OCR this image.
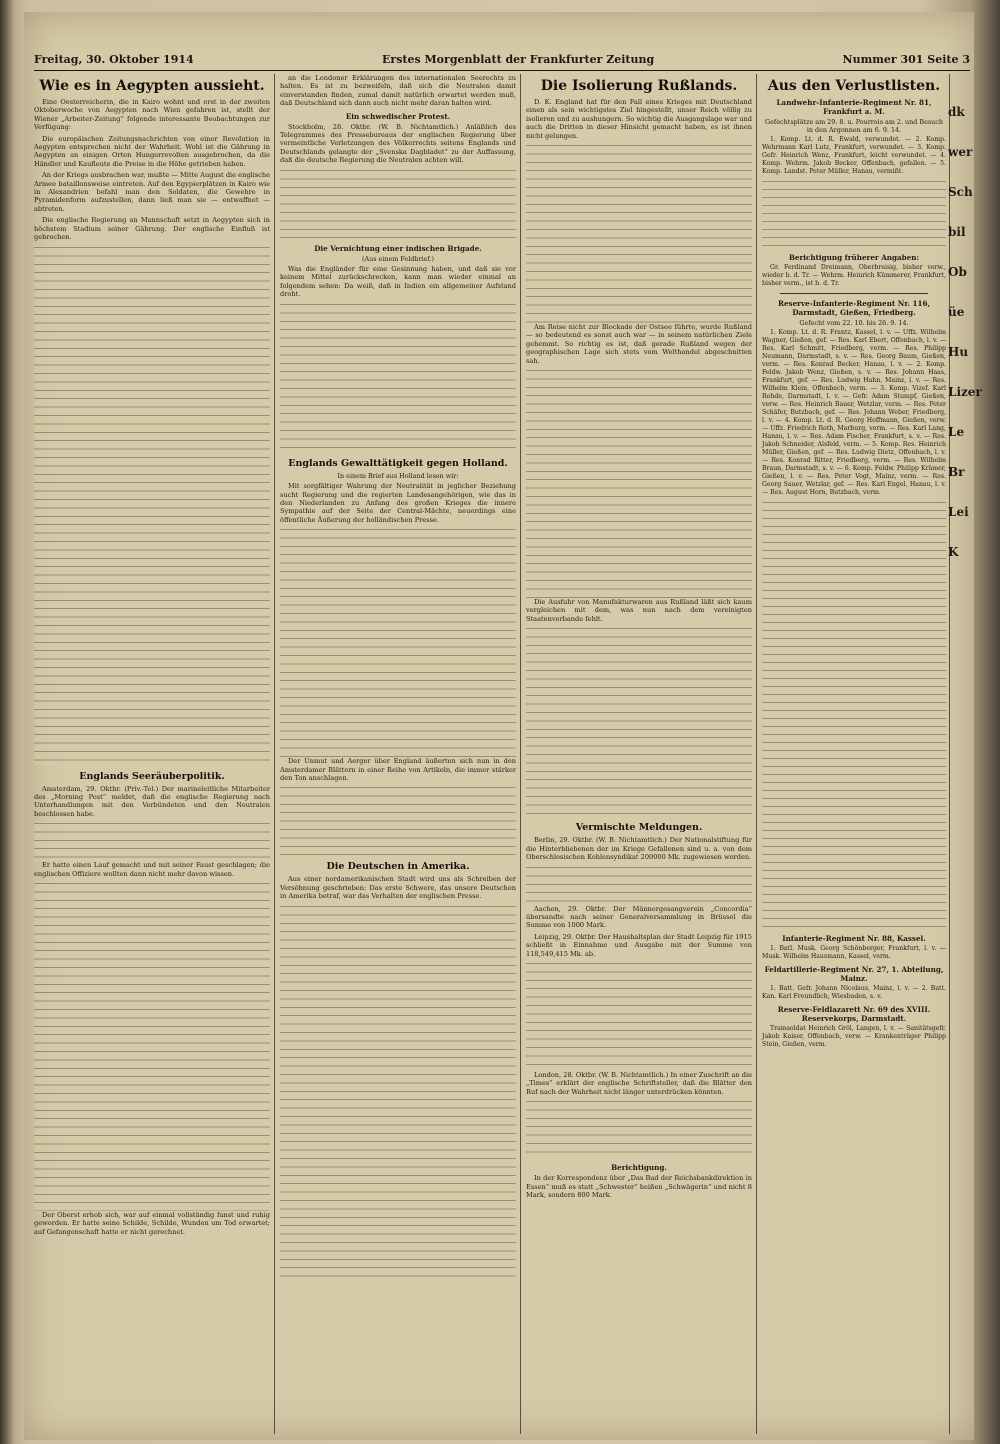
Freitag, 30. Oktober 1914	Erstes Morgenblatt der Frankfurter Zeitung	Nummer 301 Seite 3
Wie es in Aegypten aussieht.

Eine Oesterreicherin, die in Kairo wohnt und erst in der zweiten Oktoberwoche von Aegypten nach Wien gefahren ist, stellt der Wiener „Arbeiter-Zeitung“ folgende interessante Beobachtungen zur Verfügung:

Die europäischen Zeitungsnachrichten von einer Revolution in Aegypten entsprechen nicht der Wahrheit. Wohl ist die Gährung in Aegypten an einigen Orten Hungerrevolten ausgebrochen, da die Händler und Kaufleute die Preise in die Höhe getrieben haben.

An der Kriegs ausbrachen war, mußte — Mitte August die englische Armee bataillonsweise eintreten. Auf den Egypierplätzen in Kairo wie in Alexandrien befahl man den Soldaten, die Gewehre in Pyramidenform aufzustellen, dann ließ man sie — entwaffnet — abtreten.

Die englische Regierung an Mannschaft setzt in Aegypten sich in höchstem Stadium seiner Gährung. Der englische Einfluß ist gebrochen.

Englands Seeräuberpolitik.

Amsterdam, 29. Oktbr. (Priv.-Tel.) Der marineleitliche Mitarbeiter des „Morning Post“ meldet, daß die englische Regierung nach Unterhandlungen mit den Verbündeten und den Neutralen beschlossen habe.

Er hatte einen Lauf gemacht und mit seiner Faust geschlagen; die englischen Offiziere wollten dann nicht mehr davon wissen.

Der Oberst erhob sich, war auf einmal vollständig fanst und ruhig geworden. Er hatte seine Schilde, Schilde, Wunden um Tod erwartet; auf Gefangenschaft hatte er nicht gerechnet.

an die Londoner Erklärungen des internationalen Seerechts zu halten. Es ist zu bezweifeln, daß sich die Neutralen damit einverstanden finden, zumal damit natürlich erwartet werden muß, daß Deutschland sich dann auch nicht mehr daran halten wird.

Ein schwedischer Protest.

Stockholm, 28. Oktbr. (W. B. Nichtamtlich.) Anläßlich des Telegrammes des Pressebureaus der englischen Regierung über vermeintliche Verletzungen des Völkerrechts seitens Englands und Deutschlands gelangte der „Svenska Dagbladet“ zu der Auffassung, daß die deutsche Regierung die Neutralen achten will.

Die Vernichtung einer indischen Brigade.
(Aus einem Feldbrief.)

Was die Engländer für eine Gesinnung haben, und daß sie vor keinem Mittel zurückschrecken, kann man wieder einmal an folgendem sehen: Da weiß, daß in Indien ein allgemeiner Aufstand droht.

Englands Gewalttätigkeit gegen Holland.
In einem Brief aus Holland lesen wir:

Mit sorgfältiger Wahrung der Neutralität in jeglicher Beziehung sucht Regierung und die regierten Landesangehörigen, wie das in den Niederlanden zu Anfang des großen Krieges die innere Sympathie auf der Seite der Central-Mächte, neuerdings eine öffentliche Äußerung der holländischen Presse.

Der Unmut und Aerger über England äußerten sich nun in den Amsterdamer Blättern in einer Reihe von Artikeln, die immer stärker den Ton anschlagen.

Die Deutschen in Amerika.

Aus einer nordamerikanischen Stadt wird uns als Schreiben der Versöhnung geschrieben: Das erste Schwere, das unsere Deutschen in Amerika betraf, war das Verhalten der englischen Presse.

Die Isolierung Rußlands.

D. K. England hat für den Fall eines Krieges mit Deutschland einen als sein wichtigstes Ziel hingestellt, unser Reich völlig zu isolieren und zu aushungern. So wichtig die Ausgangslage war und auch die Dritten in dieser Hinsicht gemacht haben, es ist ihnen nicht gelungen.

Am Reise nicht zur Blockade der Ostsee führte, wurde Rußland — so bedeutend es sonst auch war — in seinem natürlichen Ziele gehemmt. So richtig es ist, daß gerade Rußland wegen der geographischen Lage sich stets vom Welthandel abgeschnitten sah.

Die Ausfuhr von Manufakturwaren aus Rußland läßt sich kaum vergleichen mit dem, was nun nach dem vereinigten Staatenverbande fehlt.

Vermischte Meldungen.

Berlin, 29. Oktbr. (W. B. Nichtamtlich.) Der Nationalstiftung für die Hinterbliebenen der im Kriege Gefallenen sind u. a. von dem Oberschlesischen Kohlensyndikat 200000 Mk. zugewiesen worden.

Aachen, 29. Oktbr. Der Männergesangverein „Concordia“ übersandte nach seiner Generalversammlung in Brüssel die Summe von 1000 Mark.

Leipzig, 29. Oktbr. Der Haushaltsplan der Stadt Leipzig für 1915 schließt in Einnahme und Ausgabe mit der Summe von 118,549,415 Mk. ab.

London, 28. Oktbr. (W. B. Nichtamtlich.) In einer Zuschrift an die „Times“ erklärt der englische Schriftsteller, daß die Blätter den Ruf nach der Wahrheit nicht länger unterdrücken könnten.

Berichtigung.

In der Korrespondenz über „Das Bad der Reichsbankdirektion in Essen“ muß es statt „Schwester“ heißen „Schwägerin“ und nicht 8 Mark, sondern 800 Mark.

Aus den Verlustlisten.
Landwehr-Infanterie-Regiment Nr. 81, Frankfurt a. M.
Gefechtsplätze am 29. 8. u. Pourrois am 2. und Besuch in den Argonnen am 6. 9. 14.

1. Komp. Lt. d. R. Ewald, verwundet. — 2. Komp. Wehrmann Karl Lutz, Frankfurt, verwundet. — 3. Komp. Gefr. Heinrich Wenz, Frankfurt, leicht verwundet. — 4. Komp. Wehrm. Jakob Becker, Offenbach, gefallen. — 5. Komp. Landst. Peter Müller, Hanau, vermißt.

Berichtigung früherer Angaben:

Gr. Ferdinand Dreimann, Oberbreisig, bisher verw., wieder b. d. Tr. — Wehrm. Heinrich Kümmerer, Frankfurt, bisher verm., ist b. d. Tr.

Reserve-Infanterie-Regiment Nr. 116, Darmstadt, Gießen, Friedberg.
Gefecht vom 22. 10. bis 26. 9. 14.

1. Komp. Lt. d. R. Frantz, Kassel, l. v. — Uffz. Wilhelm Wagner, Gießen, gef. — Res. Karl Ebert, Offenbach, l. v. — Res. Karl Schmitt, Friedberg, verm. — Res. Philipp Neumann, Darmstadt, s. v. — Res. Georg Baum, Gießen, verm. — Res. Konrad Becker, Hanau, l. v. — 2. Komp. Feldw. Jakob Wenz, Gießen, s. v. — Res. Johann Haas, Frankfurt, gef. — Res. Ludwig Hahn, Mainz, l. v. — Res. Wilhelm Klein, Offenbach, verm. — 3. Komp. Vizef. Karl Rohde, Darmstadt, l. v. — Gefr. Adam Stumpf, Gießen, verw. — Res. Heinrich Bauer, Wetzlar, verm. — Res. Peter Schäfer, Butzbach, gef. — Res. Johann Weber, Friedberg, l. v. — 4. Komp. Lt. d. R. Georg Hoffmann, Gießen, verw. — Uffz. Friedrich Roth, Marburg, verm. — Res. Karl Lang, Hanau, l. v. — Res. Adam Fischer, Frankfurt, s. v. — Res. Jakob Schneider, Alsfeld, verm. — 5. Komp. Res. Heinrich Müller, Gießen, gef. — Res. Ludwig Dietz, Offenbach, l. v. — Res. Konrad Ritter, Friedberg, verm. — Res. Wilhelm Braun, Darmstadt, s. v. — 6. Komp. Feldw. Philipp Krämer, Gießen, l. v. — Res. Peter Vogt, Mainz, verm. — Res. Georg Sauer, Wetzlar, gef. — Res. Karl Engel, Hanau, l. v. — Res. August Horn, Butzbach, verm.

Infanterie-Regiment Nr. 88, Kassel.

1. Batl. Musk. Georg Schönberger, Frankfurt, l. v. — Musk. Wilhelm Hausmann, Kassel, verm.

Feldartillerie-Regiment Nr. 27, 1. Abteilung, Mainz.

1. Batt. Gefr. Johann Nicolaus, Mainz, l. v. — 2. Batt. Kan. Karl Freundlich, Wiesbaden, s. v.

Reserve-Feldlazarett Nr. 69 des XVIII. Reservekorps, Darmstadt.

Trainsoldat Heinrich Gröl, Langen, l. v. — Sanitätsgefr. Jakob Kaiser, Offenbach, verw. — Krankenträger Philipp Stein, Gießen, verm.

dk
wer
Sch
bil
Ob
üe
Hu
Lizer
Le
Br
Lei
K
